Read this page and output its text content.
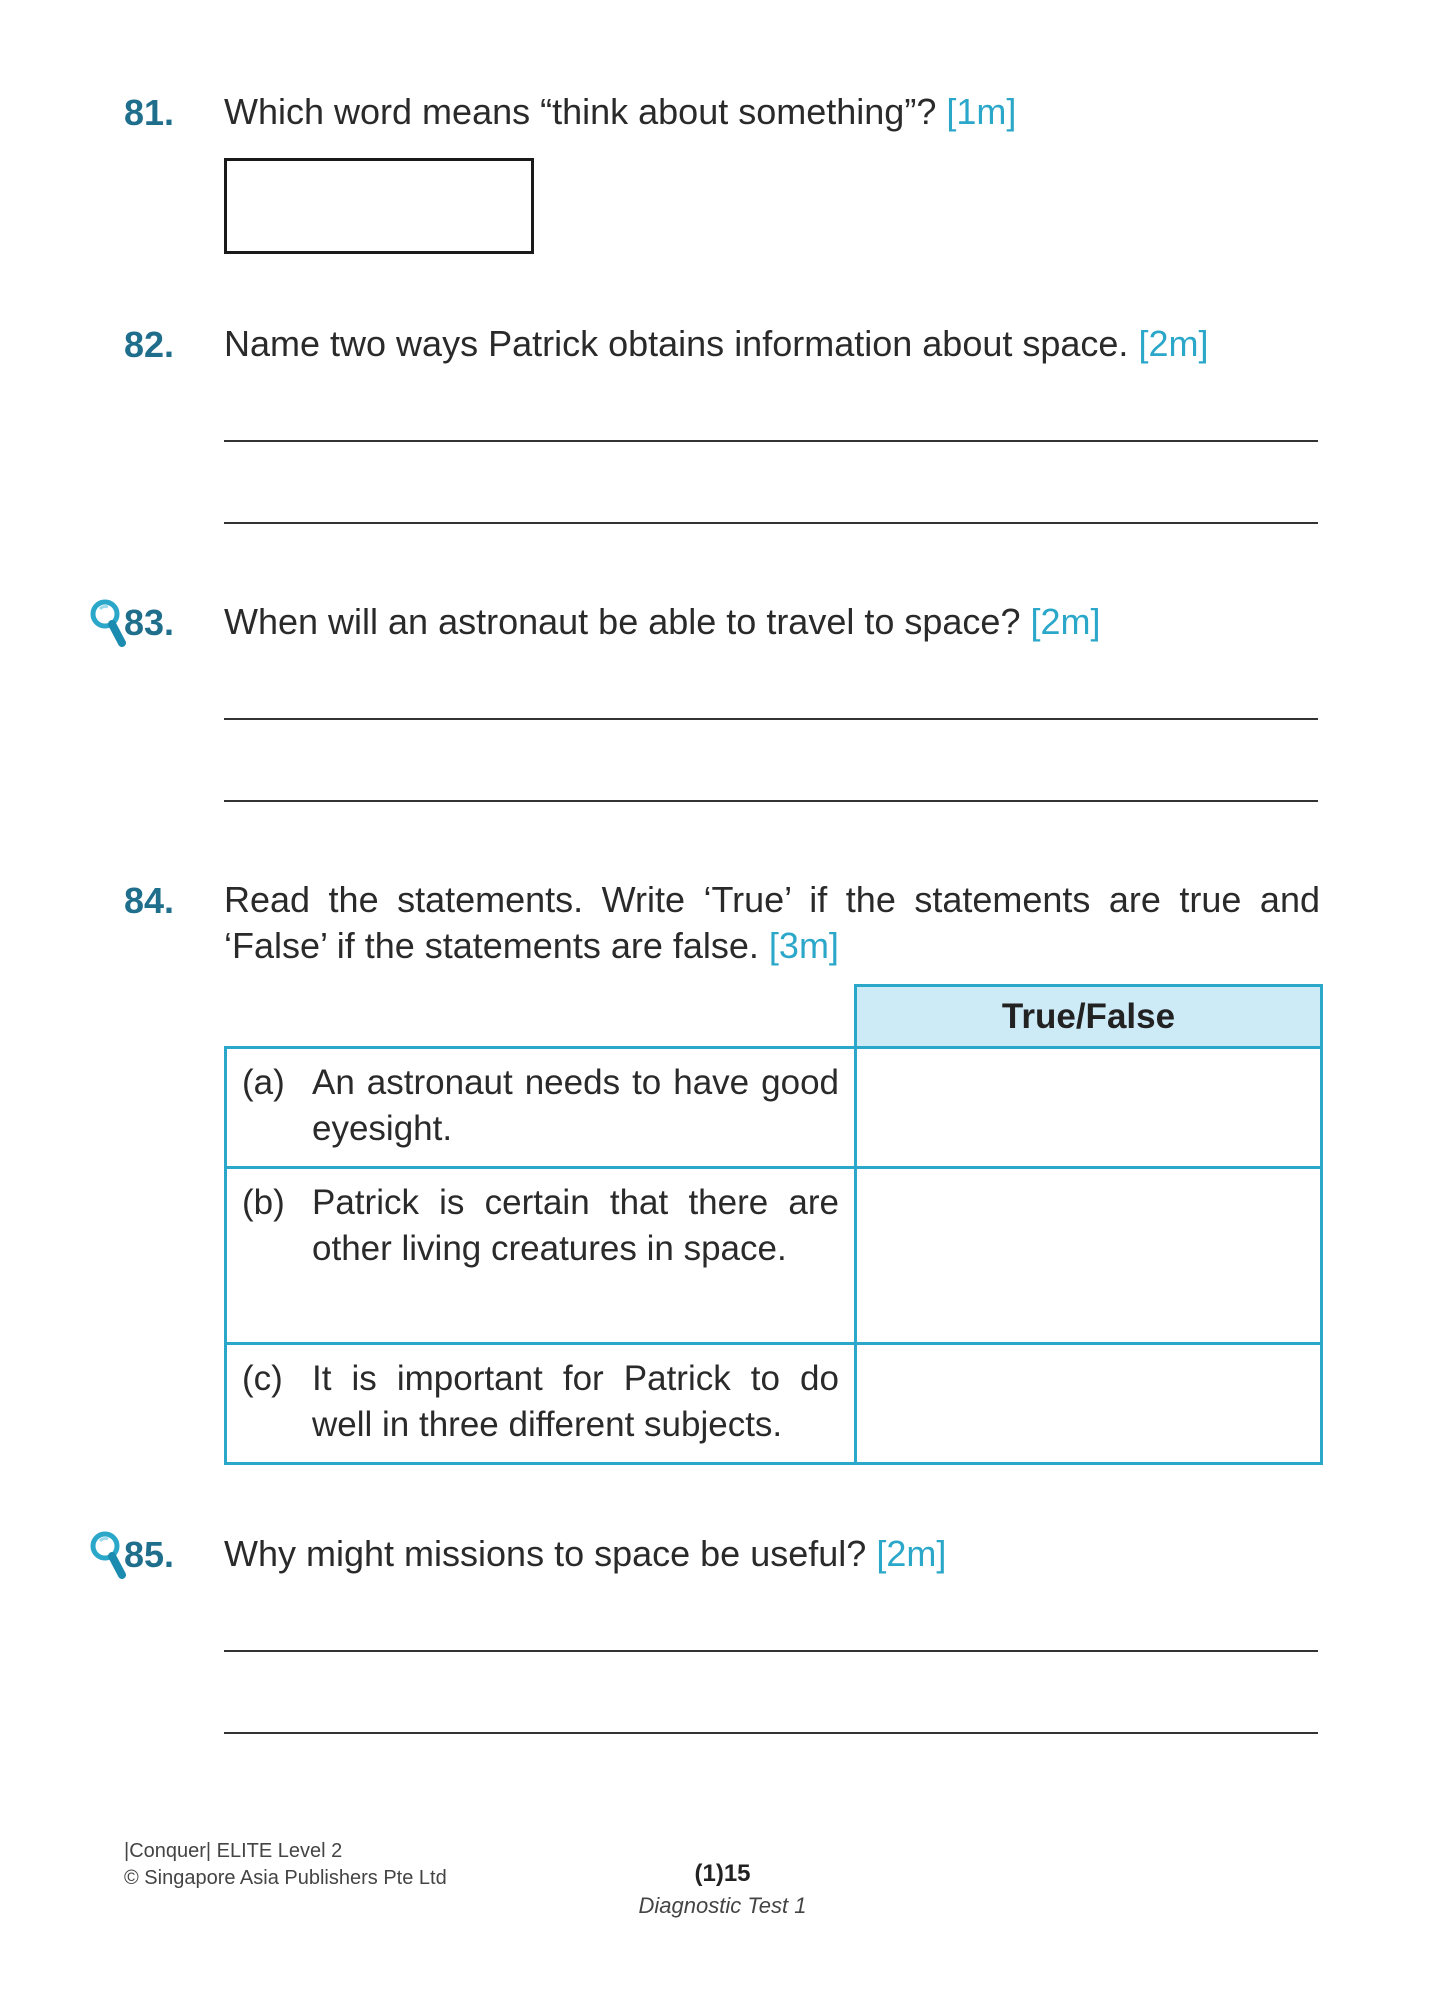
81. Which word means “think about something”? [1m]
82. Name two ways Patrick obtains information about space. [2m]
83. When will an astronaut be able to travel to space? [2m]
84. Read the statements. Write ‘True’ if the statements are true and
‘False’ if the statements are false. [3m]
	True/False

(a) An astronaut needs to have good eyesight.	

(b) Patrick is certain that there are other living creatures in space.	

(c) It is important for Patrick to do well in three different subjects.	

85. Why might missions to space be useful? [2m]
|Conquer| ELITE Level 2
© Singapore Asia Publishers Pte Ltd	(1)15
Diagnostic Test 1
